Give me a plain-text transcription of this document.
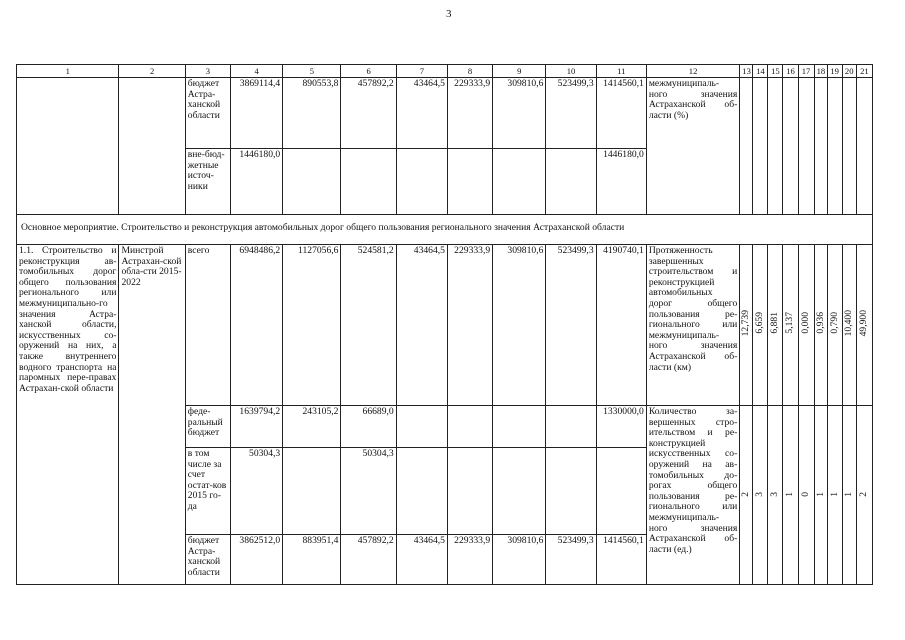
3
1	2	3	4	5	6	7	8	9	10	11	12	13	14	15	16	17	18	19	20	21
		бюджет Астра-ханской области	3869114,4	890553,8	457892,2	43464,5	229333,9	309810,6	523499,3	1414560,1	межмуниципаль-ного значения Астраханской об-ласти (%)									
		вне-бюд-жетные источ-ники	1446180,0							1446180,0										
Основное мероприятие. Строительство и реконструкция автомобильных дорог общего пользования регионального значения Астраханской области																				
1.1. Строительство и реконструкция ав-томобильных дорог общего пользования регионального или межмуниципально-го значения Астра-ханской области, искусственных со-оружений на них, а также внутреннего водного транспорта на паромных пере-правах Астрахан-ской области	Минстрой Астрахан-ской обла-сти 2015-2022	всего	6948486,2	1127056,6	524581,2	43464,5	229333,9	309810,6	523499,3	4190740,1	Протяженность завершенных строительством и реконструкцией автомобильных дорог общего пользования ре-гионального или межмуниципаль-ного значения Астраханской об-ласти (км)	12,739	6,659	6,881	5,137	0,000	0,936	0,790	10,400	49,900
		феде-ральный бюджет	1639794,2	243105,2	66689,0					1330000,0	Количество за-вершенных стро-ительством и ре-конструкцией искусственных со-оружений на ав-томобильных до-рогах общего пользования ре-гионального или межмуниципаль-ного значения Астраханской об-ласти (ед.)	2	3	3	1	0	1	1	1	2
		в том числе за счет остат-ков 2015 го-да	50304,3		50304,3															
		бюджет Астра-ханской области	3862512,0	883951,4	457892,2	43464,5	229333,9	309810,6	523499,3	1414560,1										
